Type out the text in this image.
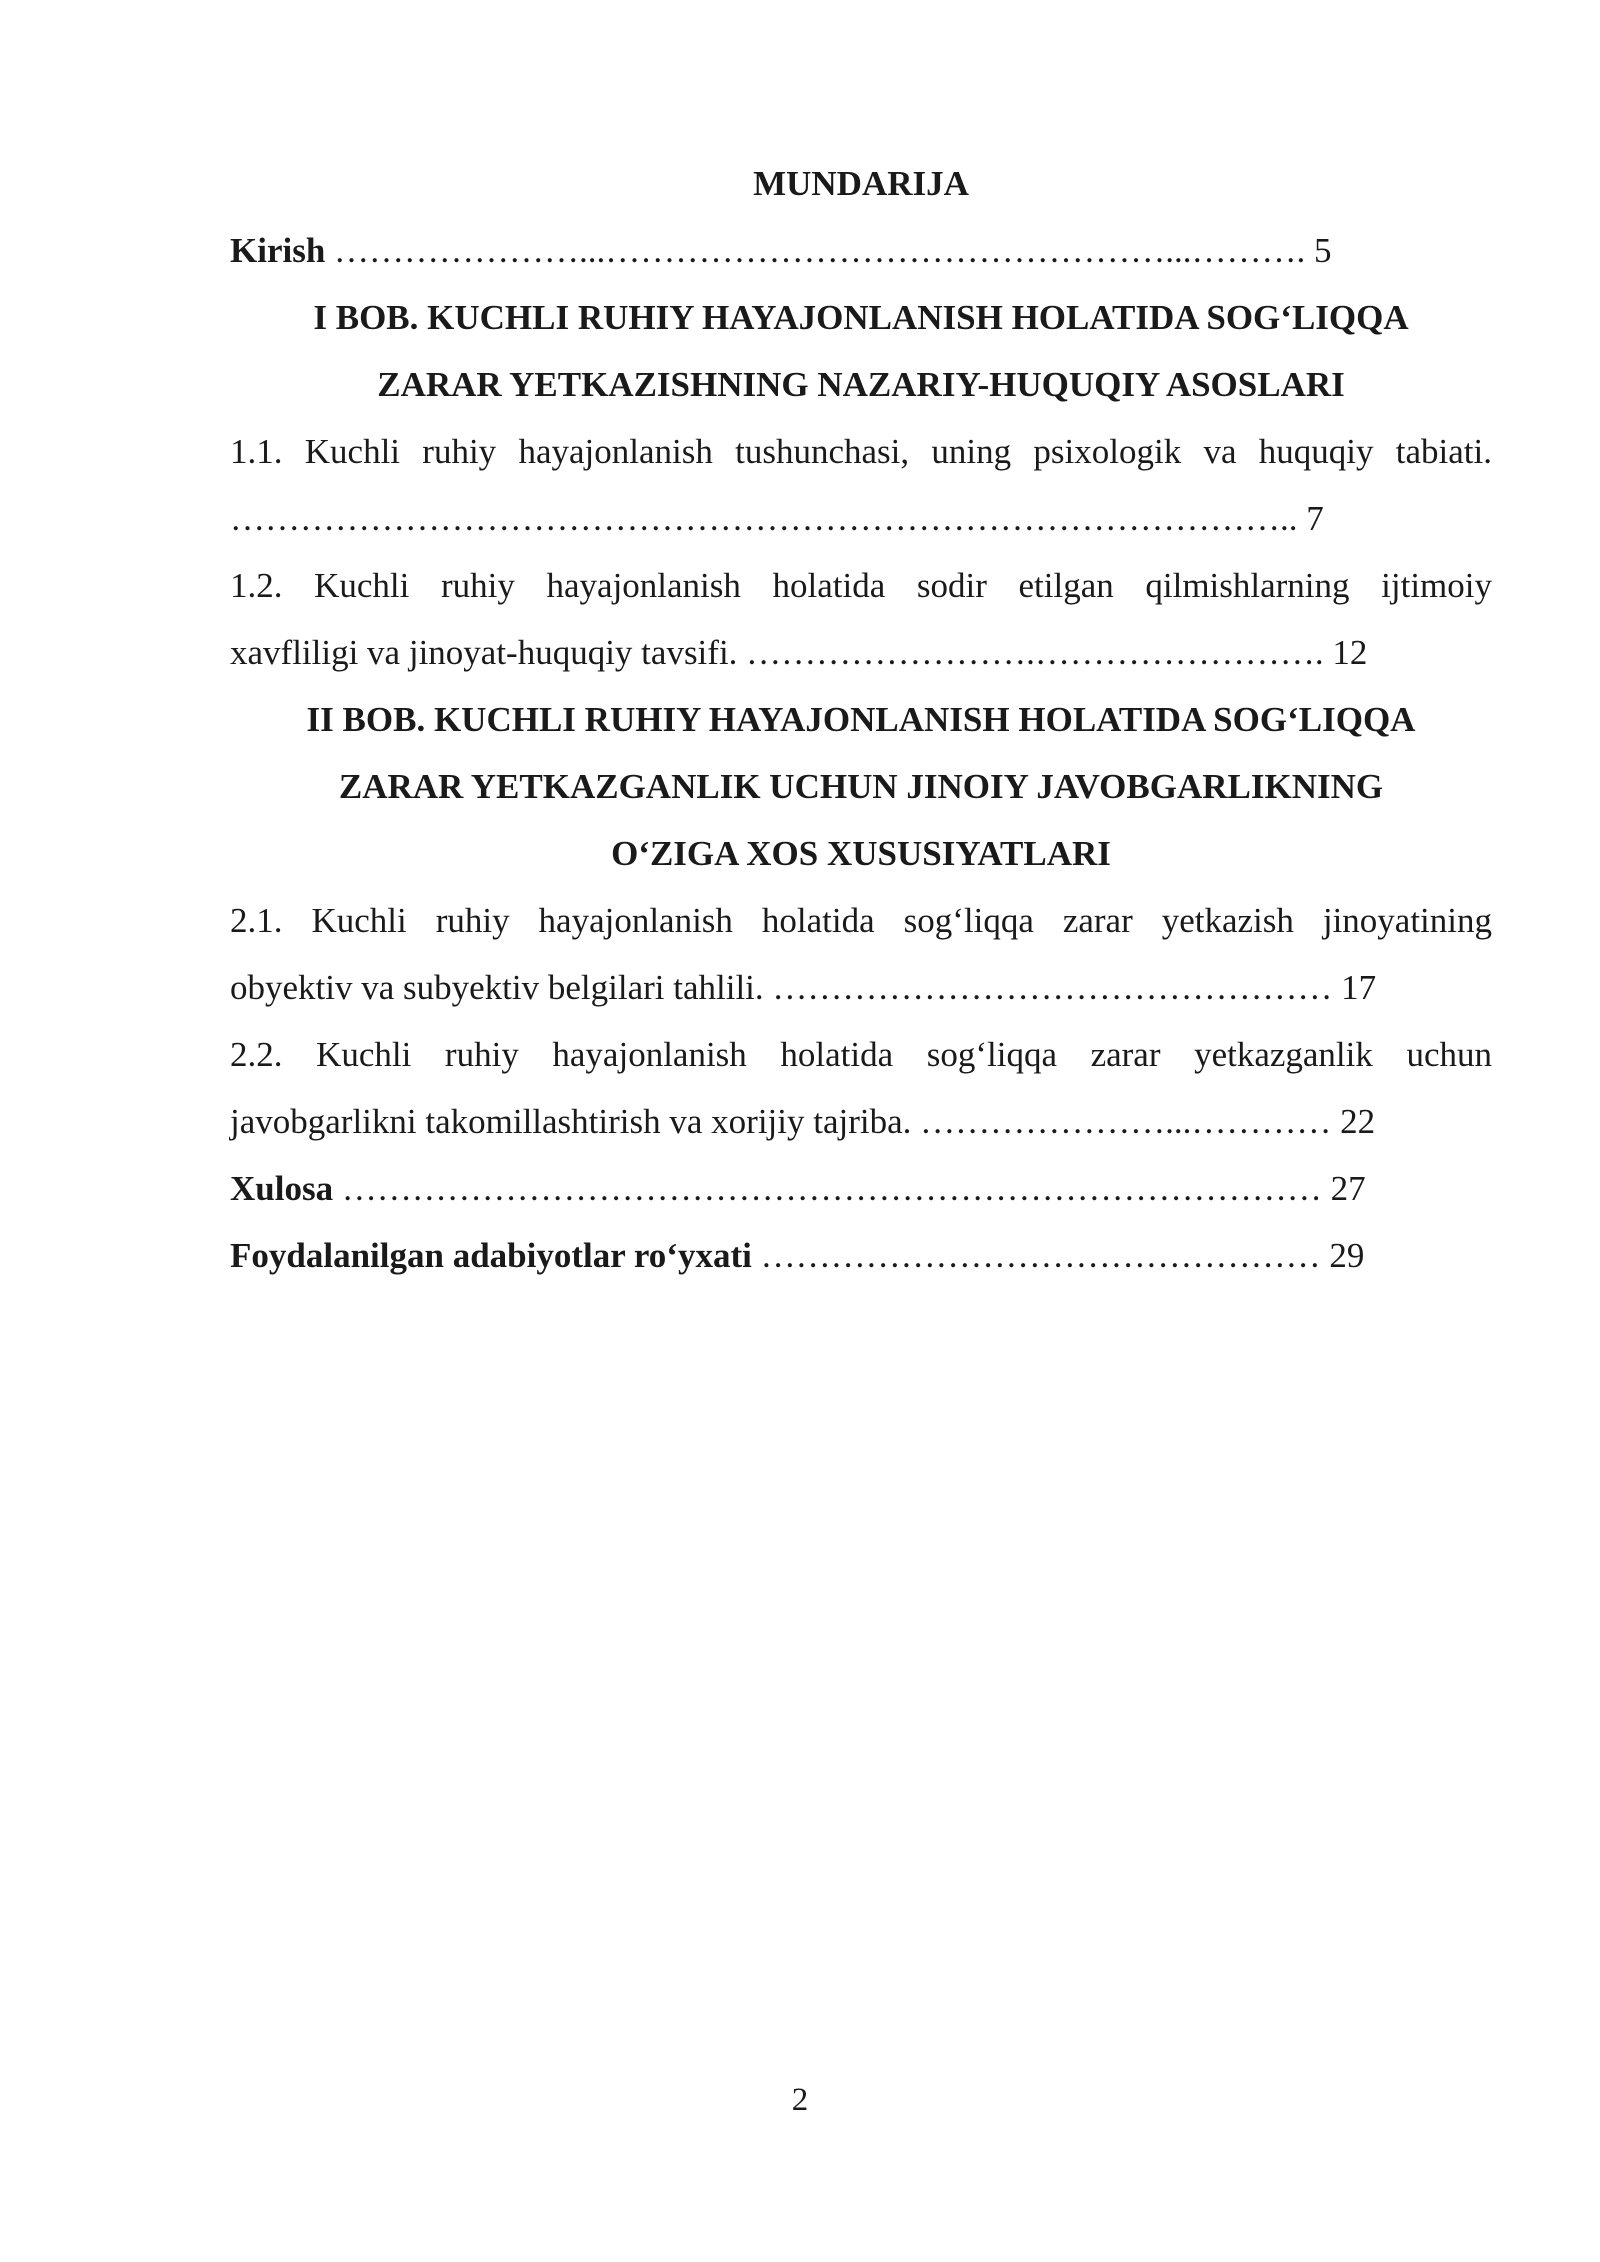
MUNDARIJA
Kirish …………………...…………………………………………...………. 5
I BOB. KUCHLI RUHIY HAYAJONLANISH HOLATIDA SOG‘LIQQA
ZARAR YETKAZISHNING NAZARIY-HUQUQIY ASOSLARI
1.1. Kuchli ruhiy hayajonlanish tushunchasi, uning psixologik va huquqiy tabiati.
……………………………………………………………………………….. 7
1.2. Kuchli ruhiy hayajonlanish holatida sodir etilgan qilmishlarning ijtimoiy
xavfliligi va jinoyat-huquqiy tavsifi. …………………….……………………. 12
II BOB. KUCHLI RUHIY HAYAJONLANISH HOLATIDA SOG‘LIQQA
ZARAR YETKAZGANLIK UCHUN JINOIY JAVOBGARLIKNING
O‘ZIGA XOS XUSUSIYATLARI
2.1. Kuchli ruhiy hayajonlanish holatida sog‘liqqa zarar yetkazish jinoyatining
obyektiv va subyektiv belgilari tahlili. ………………………………………… 17
2.2. Kuchli ruhiy hayajonlanish holatida sog‘liqqa zarar yetkazganlik uchun
javobgarlikni takomillashtirish va xorijiy tajriba. …………………...………… 22
Xulosa ………………………………………………………………………… 27
Foydalanilgan adabiyotlar ro‘yxati ………………………………………… 29
2
